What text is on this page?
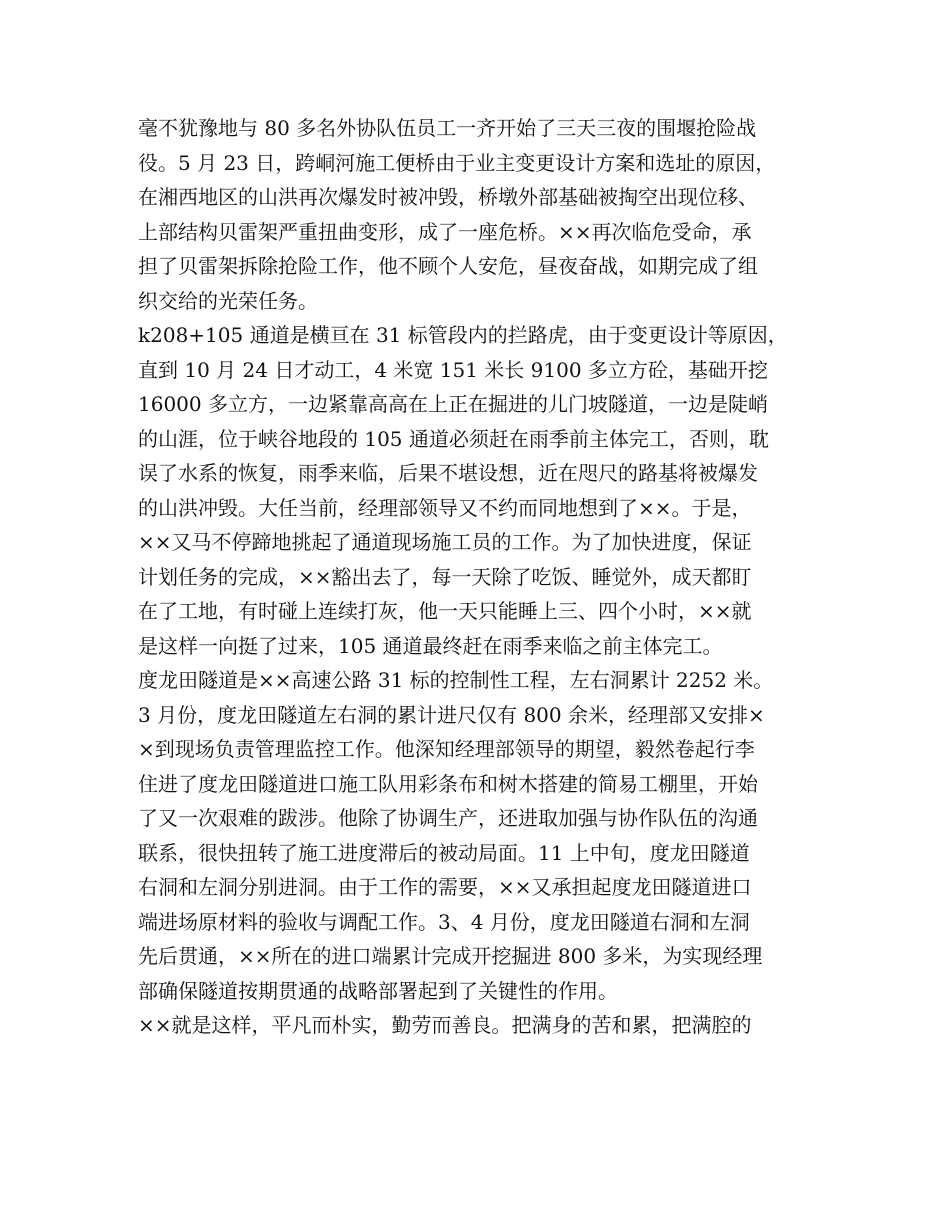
毫不犹豫地与 80 多名外协队伍员工一齐开始了三天三夜的围堰抢险战
役。5 月 23 日，跨峒河施工便桥由于业主变更设计方案和选址的原因，
在湘西地区的山洪再次爆发时被冲毁，桥墩外部基础被掏空出现位移、
上部结构贝雷架严重扭曲变形，成了一座危桥。××再次临危受命，承
担了贝雷架拆除抢险工作，他不顾个人安危，昼夜奋战，如期完成了组
织交给的光荣任务。
k208+105 通道是横亘在 31 标管段内的拦路虎，由于变更设计等原因，
直到 10 月 24 日才动工，4 米宽 151 米长 9100 多立方砼，基础开挖
16000 多立方，一边紧靠高高在上正在掘进的儿门坡隧道，一边是陡峭
的山涯，位于峡谷地段的 105 通道必须赶在雨季前主体完工，否则，耽
误了水系的恢复，雨季来临，后果不堪设想，近在咫尺的路基将被爆发
的山洪冲毁。大任当前，经理部领导又不约而同地想到了××。于是，
××又马不停蹄地挑起了通道现场施工员的工作。为了加快进度，保证
计划任务的完成，××豁出去了，每一天除了吃饭、睡觉外，成天都盯
在了工地，有时碰上连续打灰，他一天只能睡上三、四个小时，××就
是这样一向挺了过来，105 通道最终赶在雨季来临之前主体完工。
度龙田隧道是××高速公路 31 标的控制性工程，左右洞累计 2252 米。
3 月份，度龙田隧道左右洞的累计进尺仅有 800 余米，经理部又安排×
×到现场负责管理监控工作。他深知经理部领导的期望，毅然卷起行李
住进了度龙田隧道进口施工队用彩条布和树木搭建的简易工棚里，开始
了又一次艰难的跋涉。他除了协调生产，还进取加强与协作队伍的沟通
联系，很快扭转了施工进度滞后的被动局面。11 上中旬，度龙田隧道
右洞和左洞分别进洞。由于工作的需要，××又承担起度龙田隧道进口
端进场原材料的验收与调配工作。3、4 月份，度龙田隧道右洞和左洞
先后贯通，××所在的进口端累计完成开挖掘进 800 多米，为实现经理
部确保隧道按期贯通的战略部署起到了关键性的作用。
××就是这样，平凡而朴实，勤劳而善良。把满身的苦和累，把满腔的
